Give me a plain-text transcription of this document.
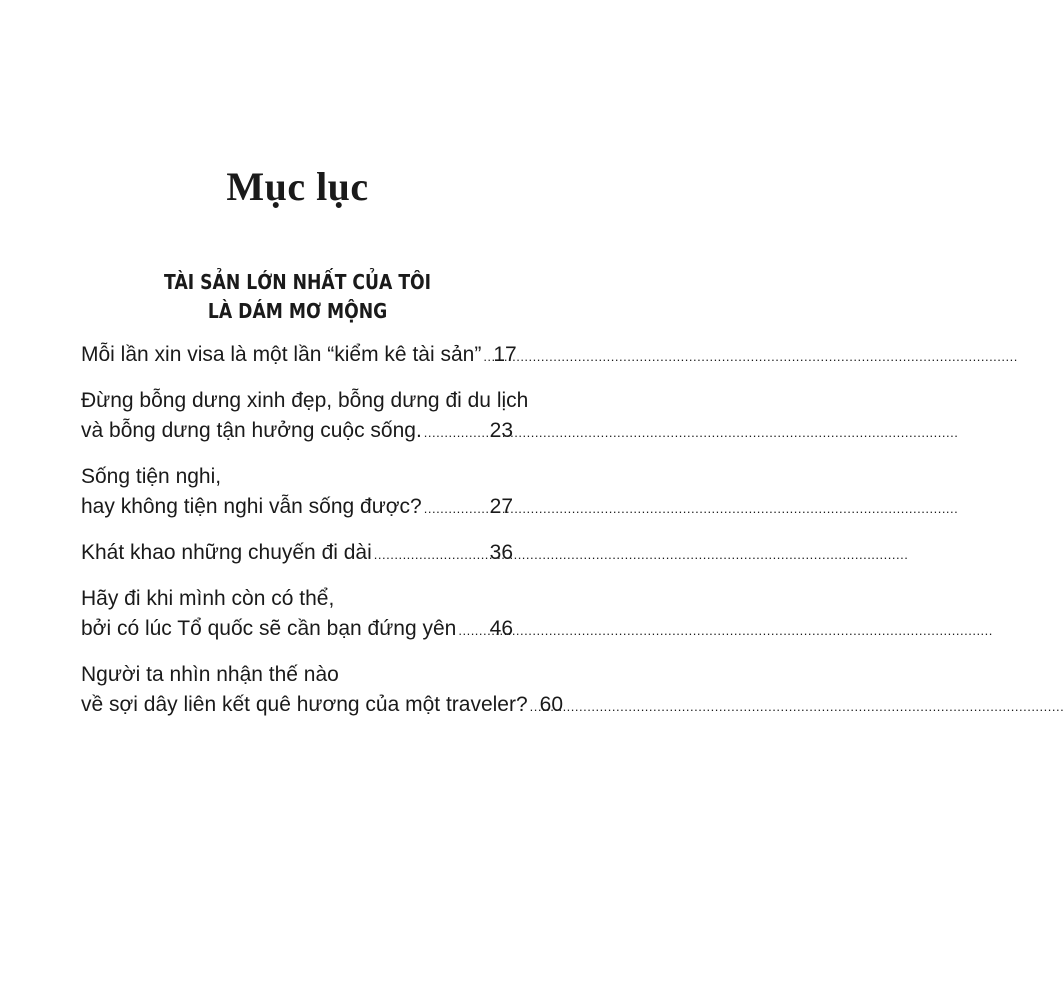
Mục lục
TÀI SẢN LỚN NHẤT CỦA TÔI
LÀ DÁM MƠ MỘNG
Mỗi lần xin visa là một lần “kiểm kê tài sản” ..... 17
Đừng bỗng dưng xinh đẹp, bỗng dưng đi du lịch
và bỗng dưng tận hưởng cuộc sống. .....	23
Sống tiện nghi,
hay không tiện nghi vẫn sống được? .....	27
Khát khao những chuyến đi dài .....	36
Hãy đi khi mình còn có thể,
bởi có lúc Tổ quốc sẽ cần bạn đứng yên ..... 46
Người ta nhìn nhận thế nào
về sợi dây liên kết quê hương của một traveler? ..... 60
